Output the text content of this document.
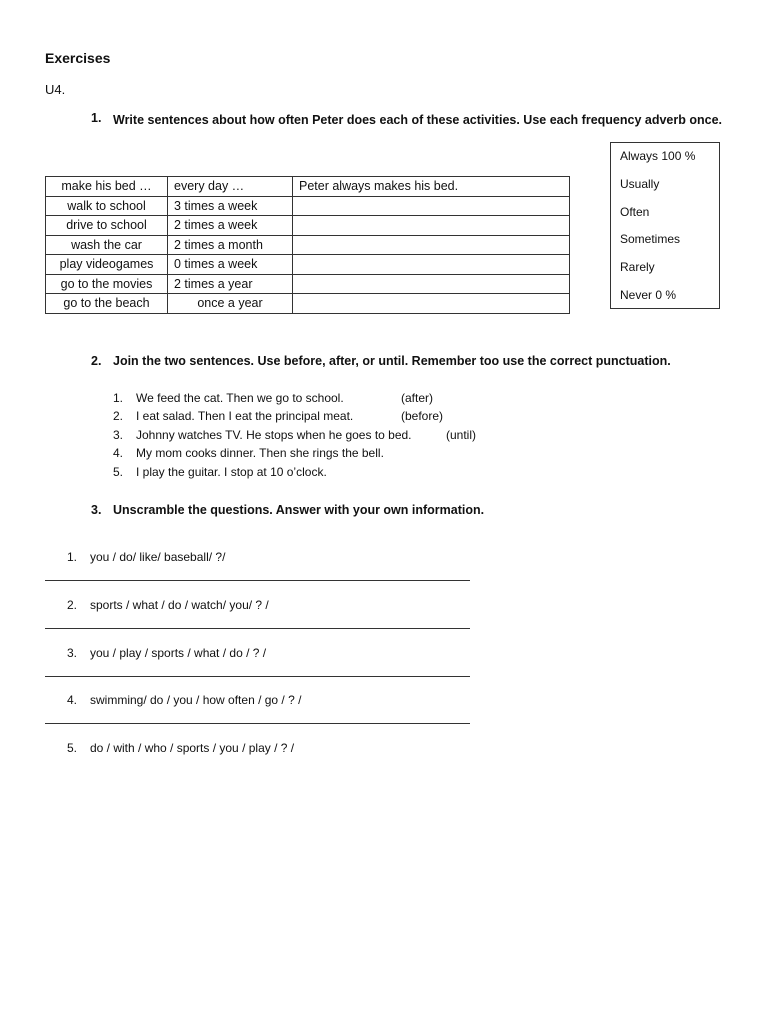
Exercises
U4.
1. Write sentences about how often Peter does each of these activities. Use each frequency adverb once.
make his bed …	every day …	Peter always makes his bed.
walk to school	3 times a week	
drive to school	2 times a week	
wash the car	2 times a month	
play videogames	0 times a week	
go to the movies	2 times a year	
go to the beach	once a year	
Always 100 %
Usually
Often
Sometimes
Rarely
Never 0 %
2. Join the two sentences. Use before, after, or until. Remember too use the correct punctuation.
1. We feed the cat. Then we go to school.	(after)
2. I eat salad. Then I eat the principal meat.	(before)
3. Johnny watches TV. He stops when he goes to bed.	(until)
4. My mom cooks dinner. Then she rings the bell.
5. I play the guitar. I stop at 10 o’clock.
3. Unscramble the questions. Answer with your own information.
1. you / do/ like/ baseball/ ?/
2. sports / what / do / watch/ you/ ? /
3. you / play / sports / what / do / ? /
4. swimming/ do / you / how often / go / ? /
5. do / with / who / sports / you / play / ? /
